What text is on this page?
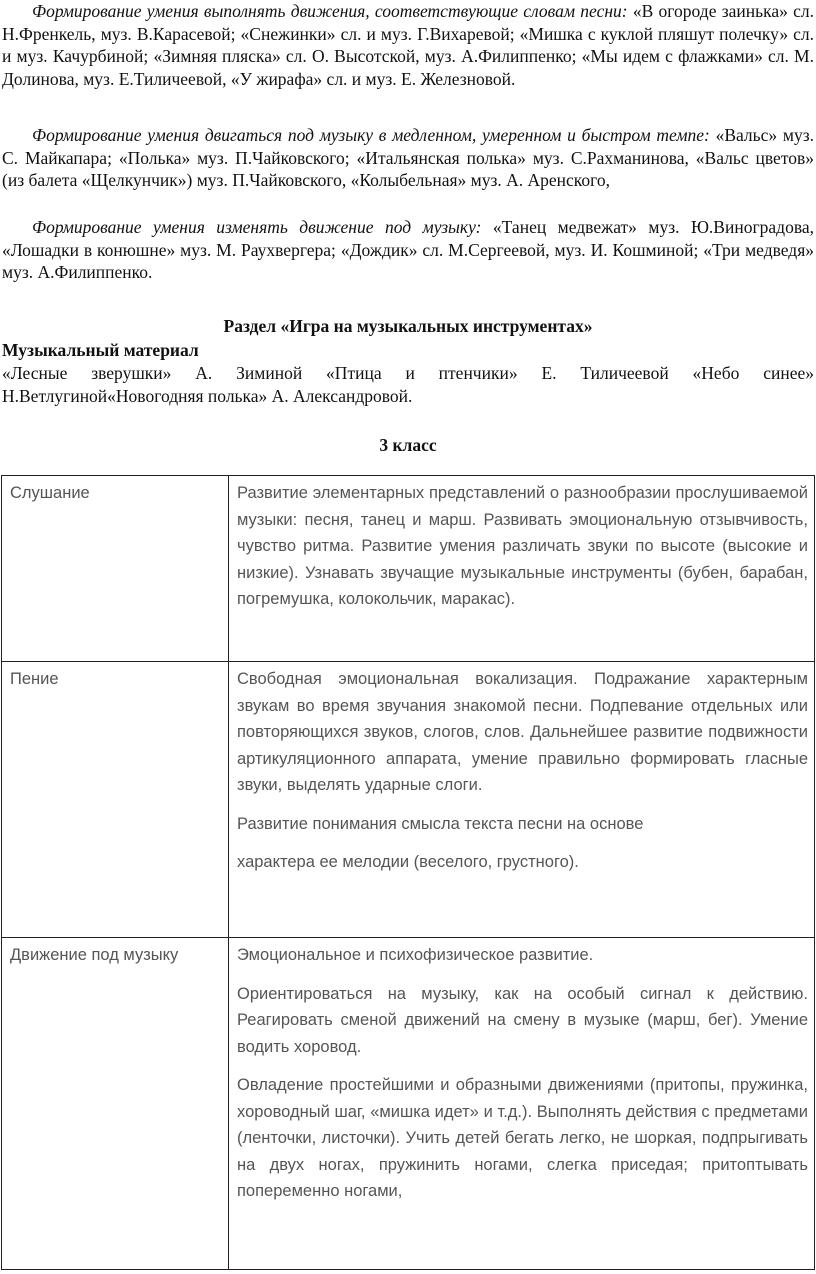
Формирование умения выполнять движения, соответствующие словам песни: «В огороде заинька» сл. Н.Френкель, муз. В.Карасевой; «Снежинки» сл. и муз. Г.Вихаревой; «Мишка с куклой пляшут полечку» сл. и муз. Качурбиной; «Зимняя пляска» сл. О. Высотской, муз. А.Филиппенко; «Мы идем с флажками» сл. М. Долинова, муз. Е.Тиличеевой, «У жирафа» сл. и муз. Е. Железновой.
Формирование умения двигаться под музыку в медленном, умеренном и быстром темпе: «Вальс» муз. С. Майкапара; «Полька» муз. П.Чайковского; «Итальянская полька» муз. С.Рахманинова, «Вальс цветов» (из балета «Щелкунчик») муз. П.Чайковского, «Колыбельная» муз. А. Аренского,
Формирование умения изменять движение под музыку: «Танец медвежат» муз. Ю.Виноградова, «Лошадки в конюшне» муз. М. Раухвергера; «Дождик» сл. М.Сергеевой, муз. И. Кошминой; «Три медведя» муз. А.Филиппенко.
Раздел «Игра на музыкальных инструментах»
Музыкальный материал
«Лесные зверушки» А. Зиминой «Птица и птенчики» Е. Тиличеевой «Небо синее» Н.Ветлугиной«Новогодняя полька» А. Александровой.
3 класс
Слушание	Развитие элементарных представлений о разнообразии прослушиваемой музыки: песня, танец и марш. Развивать эмоциональную отзывчивость, чувство ритма. Развитие умения различать звуки по высоте (высокие и низкие). Узнавать звучащие музыкальные инструменты (бубен, барабан, погремушка, колокольчик, маракас).

Пение	Свободная эмоциональная вокализация. Подражание характерным звукам во время звучания знакомой песни. Подпевание отдельных или повторяющихся звуков, слогов, слов. Дальнейшее развитие подвижности артикуляционного аппарата, умение правильно формировать гласные звуки, выделять ударные слоги.

Развитие понимания смысла текста песни на основе

характера ее мелодии (веселого, грустного).

Движение под музыку	Эмоциональное и психофизическое развитие.

Ориентироваться на музыку, как на особый сигнал к действию. Реагировать сменой движений на смену в музыке (марш, бег). Умение водить хоровод.

Овладение простейшими и образными движениями (притопы, пружинка, хороводный шаг, «мишка идет» и т.д.). Выполнять действия с предметами (ленточки, листочки). Учить детей бегать легко, не шоркая, подпрыгивать на двух ногах, пружинить ногами, слегка приседая; притоптывать попеременно ногами,
